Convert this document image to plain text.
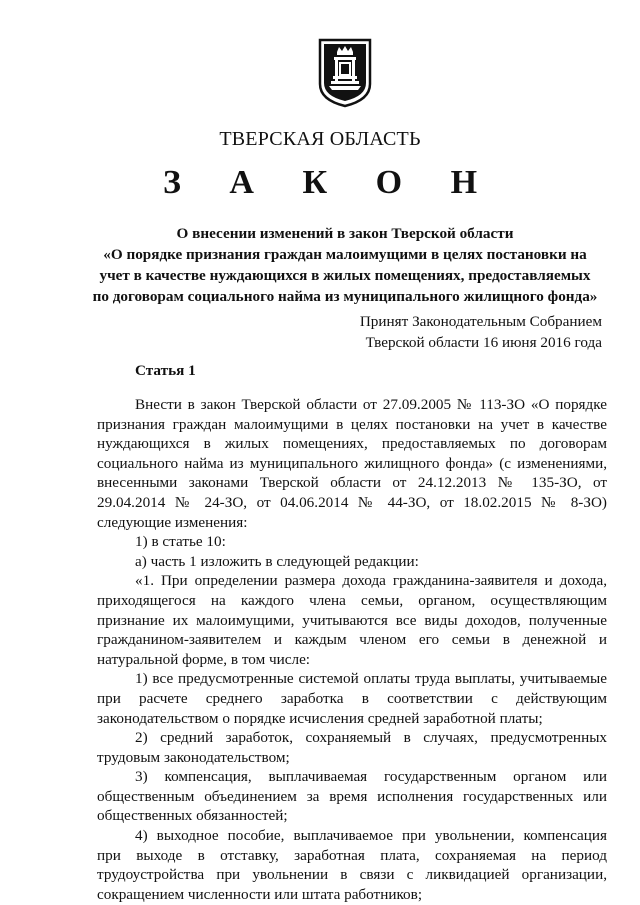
ТВЕРСКАЯ ОБЛАСТЬ
З А К О Н
О внесении изменений в закон Тверской области
«О порядке признания граждан малоимущими в целях постановки на
учет в качестве нуждающихся в жилых помещениях, предоставляемых
по договорам социального найма из муниципального жилищного фонда»
Принят Законодательным Собранием
Тверской области 16 июня 2016 года
Статья 1
Внести в закон Тверской области от 27.09.2005 № 113-ЗО «О порядке
признания граждан малоимущими в целях постановки на учет в качестве
нуждающихся в жилых помещениях, предоставляемых по договорам
социального найма из муниципального жилищного фонда» (с изменениями,
внесенными законами Тверской области от 24.12.2013 № 135-ЗО, от
29.04.2014 № 24-ЗО, от 04.06.2014 № 44-ЗО, от 18.02.2015 № 8-ЗО)
следующие изменения:
1) в статье 10:
а) часть 1 изложить в следующей редакции:
«1. При определении размера дохода гражданина-заявителя и дохода,
приходящегося на каждого члена семьи, органом, осуществляющим
признание их малоимущими, учитываются все виды доходов, полученные
гражданином-заявителем и каждым членом его семьи в денежной и
натуральной форме, в том числе:
1) все предусмотренные системой оплаты труда выплаты, учитываемые
при расчете среднего заработка в соответствии с действующим
законодательством о порядке исчисления средней заработной платы;
2) средний заработок, сохраняемый в случаях, предусмотренных
трудовым законодательством;
3) компенсация, выплачиваемая государственным органом или
общественным объединением за время исполнения государственных или
общественных обязанностей;
4) выходное пособие, выплачиваемое при увольнении, компенсация
при выходе в отставку, заработная плата, сохраняемая на период
трудоустройства при увольнении в связи с ликвидацией организации,
сокращением численности или штата работников;
